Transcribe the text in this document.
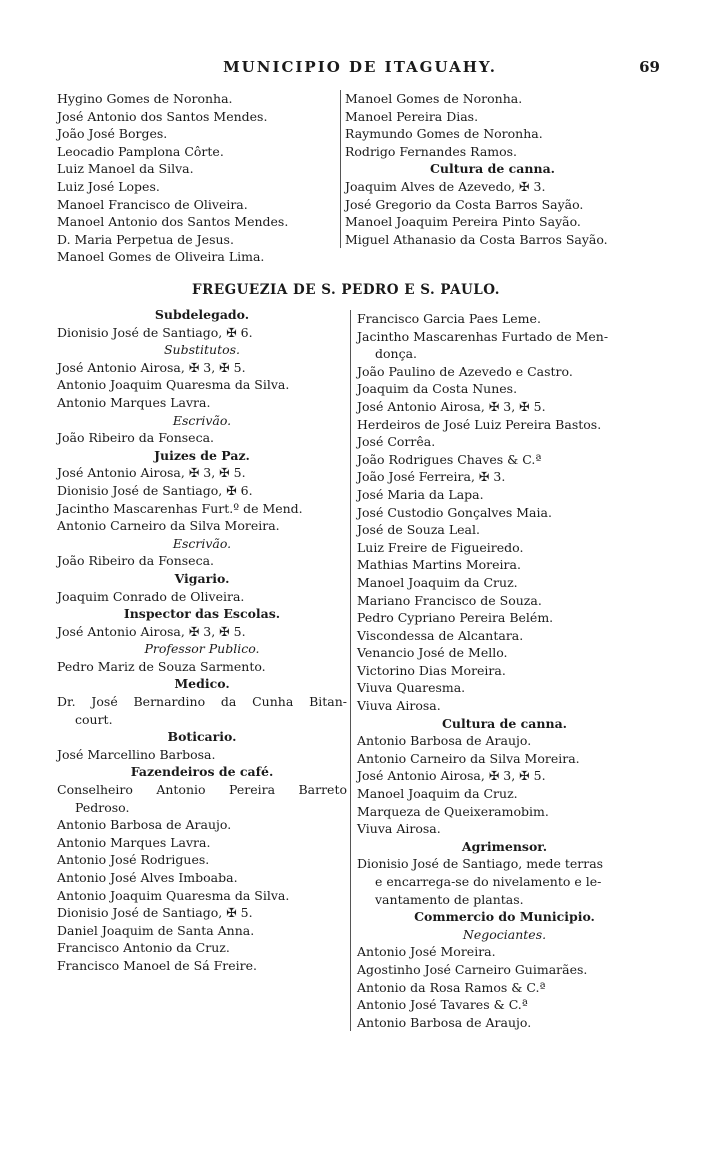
MUNICIPIO DE ITAGUAHY.	69
Hygino Gomes de Noronha.
José Antonio dos Santos Mendes.
João José Borges.
Leocadio Pamplona Côrte.
Luiz Manoel da Silva.
Luiz José Lopes.
Manoel Francisco de Oliveira.
Manoel Antonio dos Santos Mendes.
D. Maria Perpetua de Jesus.
Manoel Gomes de Oliveira Lima.
Manoel Gomes de Noronha.
Manoel Pereira Dias.
Raymundo Gomes de Noronha.
Rodrigo Fernandes Ramos.
Cultura de canna.
Joaquim Alves de Azevedo, ✠ 3.
José Gregorio da Costa Barros Sayão.
Manoel Joaquim Pereira Pinto Sayão.
Miguel Athanasio da Costa Barros Sayão.
FREGUEZIA DE S. PEDRO E S. PAULO.
Subdelegado.
Dionisio José de Santiago, ✠ 6.
Substitutos.
José Antonio Airosa, ✠ 3, ✠ 5.
Antonio Joaquim Quaresma da Silva.
Antonio Marques Lavra.
Escrivão.
João Ribeiro da Fonseca.
Juizes de Paz.
José Antonio Airosa, ✠ 3, ✠ 5.
Dionisio José de Santiago, ✠ 6.
Jacintho Mascarenhas Furt.º de Mend.
Antonio Carneiro da Silva Moreira.
Escrivão.
João Ribeiro da Fonseca.
Vigario.
Joaquim Conrado de Oliveira.
Inspector das Escolas.
José Antonio Airosa, ✠ 3, ✠ 5.
Professor Publico.
Pedro Mariz de Souza Sarmento.
Medico.
Dr. José Bernardino da Cunha Bitan-
court.
Boticario.
José Marcellino Barbosa.
Fazendeiros de café.
Conselheiro Antonio Pereira Barreto
Pedroso.
Antonio Barbosa de Araujo.
Antonio Marques Lavra.
Antonio José Rodrigues.
Antonio José Alves Imboaba.
Antonio Joaquim Quaresma da Silva.
Dionisio José de Santiago, ✠ 5.
Daniel Joaquim de Santa Anna.
Francisco Antonio da Cruz.
Francisco Manoel de Sá Freire.
Francisco Garcia Paes Leme.
Jacintho Mascarenhas Furtado de Men-
donça.
João Paulino de Azevedo e Castro.
Joaquim da Costa Nunes.
José Antonio Airosa, ✠ 3, ✠ 5.
Herdeiros de José Luiz Pereira Bastos.
José Corrêa.
João Rodrigues Chaves & C.ª
João José Ferreira, ✠ 3.
José Maria da Lapa.
José Custodio Gonçalves Maia.
José de Souza Leal.
Luiz Freire de Figueiredo.
Mathias Martins Moreira.
Manoel Joaquim da Cruz.
Mariano Francisco de Souza.
Pedro Cypriano Pereira Belém.
Viscondessa de Alcantara.
Venancio José de Mello.
Victorino Dias Moreira.
Viuva Quaresma.
Viuva Airosa.
Cultura de canna.
Antonio Barbosa de Araujo.
Antonio Carneiro da Silva Moreira.
José Antonio Airosa, ✠ 3, ✠ 5.
Manoel Joaquim da Cruz.
Marqueza de Queixeramobim.
Viuva Airosa.
Agrimensor.
Dionisio José de Santiago, mede terras
e encarrega-se do nivelamento e le-
vantamento de plantas.
Commercio do Municipio.
Negociantes.
Antonio José Moreira.
Agostinho José Carneiro Guimarães.
Antonio da Rosa Ramos & C.ª
Antonio José Tavares & C.ª
Antonio Barbosa de Araujo.
